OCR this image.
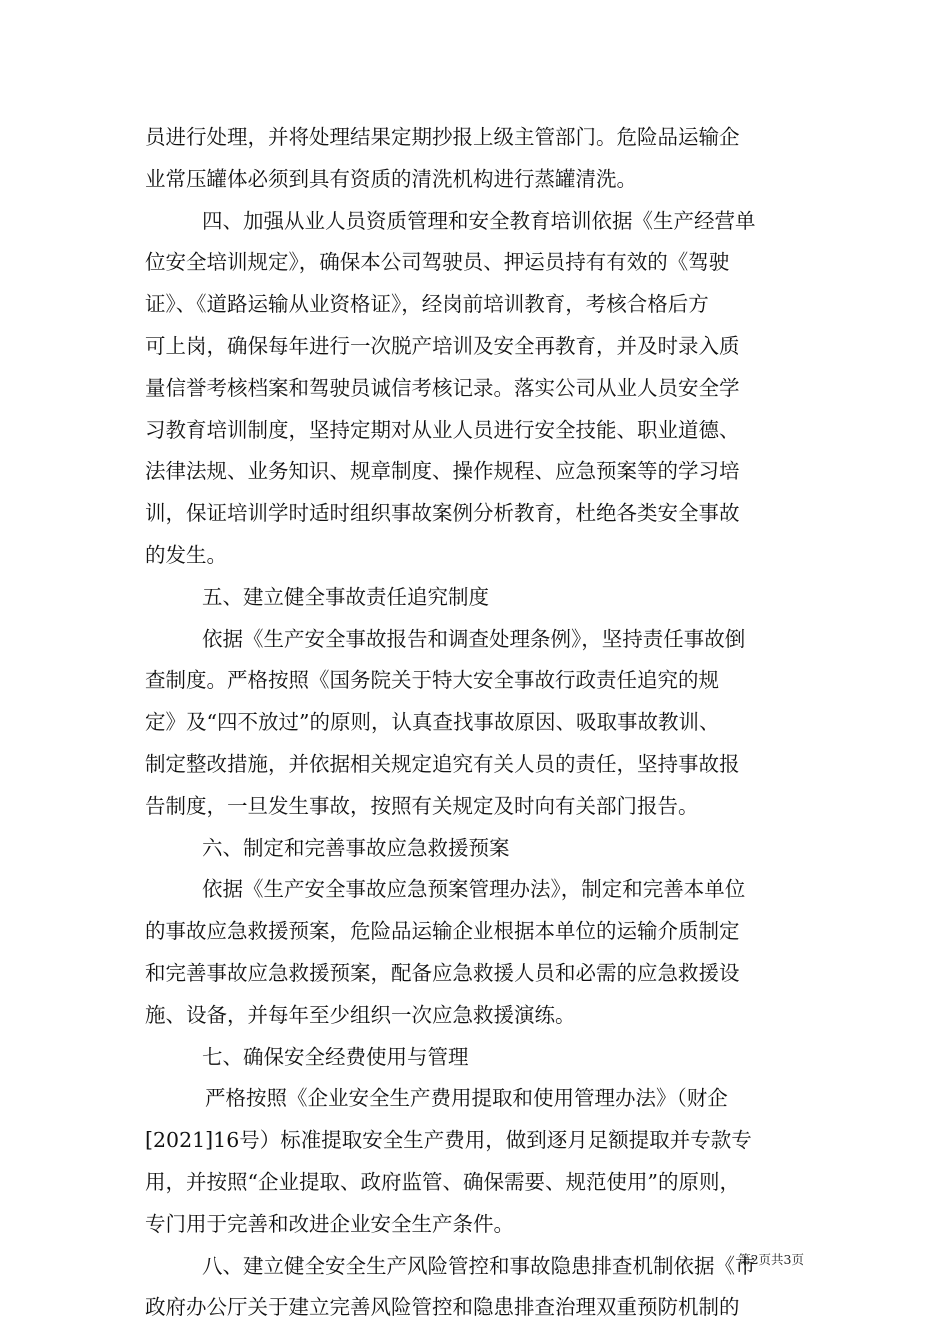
员进行处理，并将处理结果定期抄报上级主管部门。危险品运输企
业常压罐体必须到具有资质的清洗机构进行蒸罐清洗。
四、加强从业人员资质管理和安全教育培训依据《生产经营单
位安全培训规定》，确保本公司驾驶员、押运员持有有效的《驾驶
证》、《道路运输从业资格证》，经岗前培训教育，考核合格后方
可上岗，确保每年进行一次脱产培训及安全再教育，并及时录入质
量信誉考核档案和驾驶员诚信考核记录。落实公司从业人员安全学
习教育培训制度，坚持定期对从业人员进行安全技能、职业道德、
法律法规、业务知识、规章制度、操作规程、应急预案等的学习培
训，保证培训学时适时组织事故案例分析教育，杜绝各类安全事故
的发生。
五、建立健全事故责任追究制度
依据《生产安全事故报告和调查处理条例》，坚持责任事故倒
查制度。严格按照《国务院关于特大安全事故行政责任追究的规
定》及“四不放过”的原则，认真查找事故原因、吸取事故教训、
制定整改措施，并依据相关规定追究有关人员的责任，坚持事故报
告制度，一旦发生事故，按照有关规定及时向有关部门报告。
六、制定和完善事故应急救援预案
依据《生产安全事故应急预案管理办法》，制定和完善本单位
的事故应急救援预案，危险品运输企业根据本单位的运输介质制定
和完善事故应急救援预案，配备应急救援人员和必需的应急救援设
施、设备，并每年至少组织一次应急救援演练。
七、确保安全经费使用与管理
严格按照《企业安全生产费用提取和使用管理办法》（财企
[2021]16号）标准提取安全生产费用，做到逐月足额提取并专款专
用，并按照“企业提取、政府监管、确保需要、规范使用”的原则，
专门用于完善和改进企业安全生产条件。
八、建立健全安全生产风险管控和事故隐患排查机制依据《市
政府办公厅关于建立完善风险管控和隐患排查治理双重预防机制的
第2页共3页
